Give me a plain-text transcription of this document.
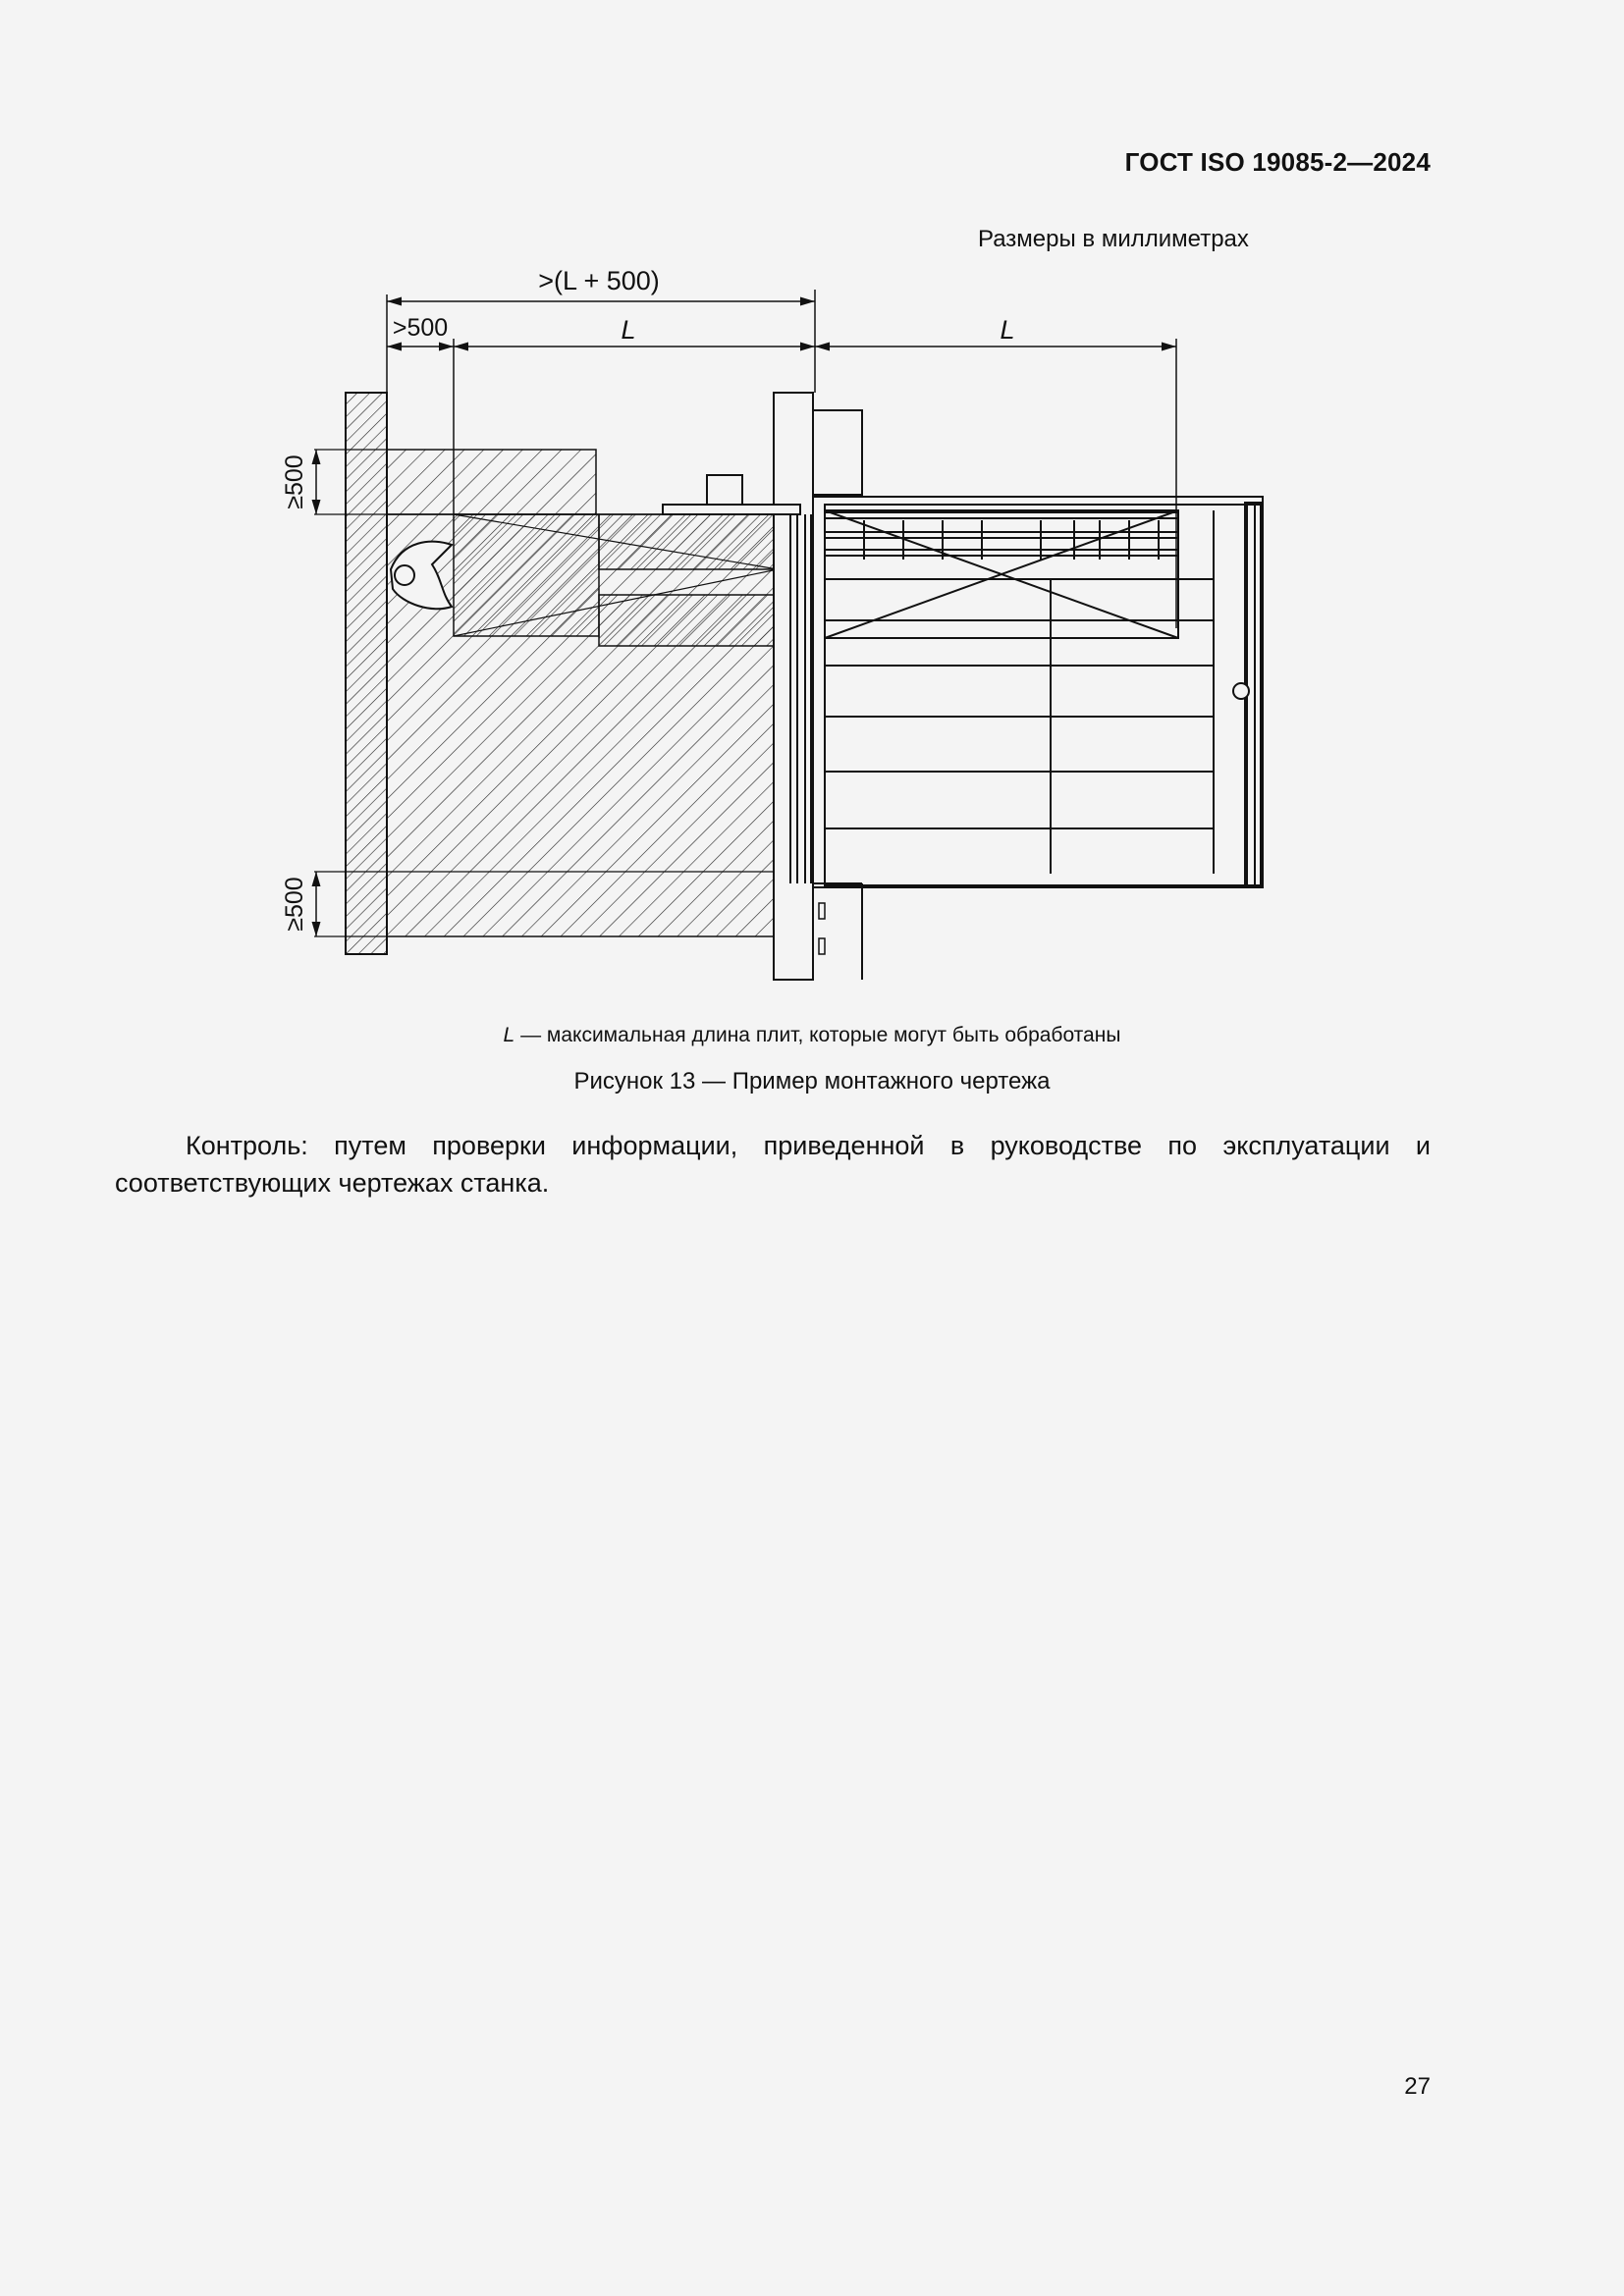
ГОСТ ISO 19085-2—2024
Размеры в миллиметрах
>(L + 500)
>500	L	L
≥500
≥500
L — максимальная длина плит, которые могут быть обработаны
Рисунок 13 — Пример монтажного чертежа
Контроль: путем проверки информации, приведенной в руководстве по эксплуатации и соответствующих чертежах станка.
27
